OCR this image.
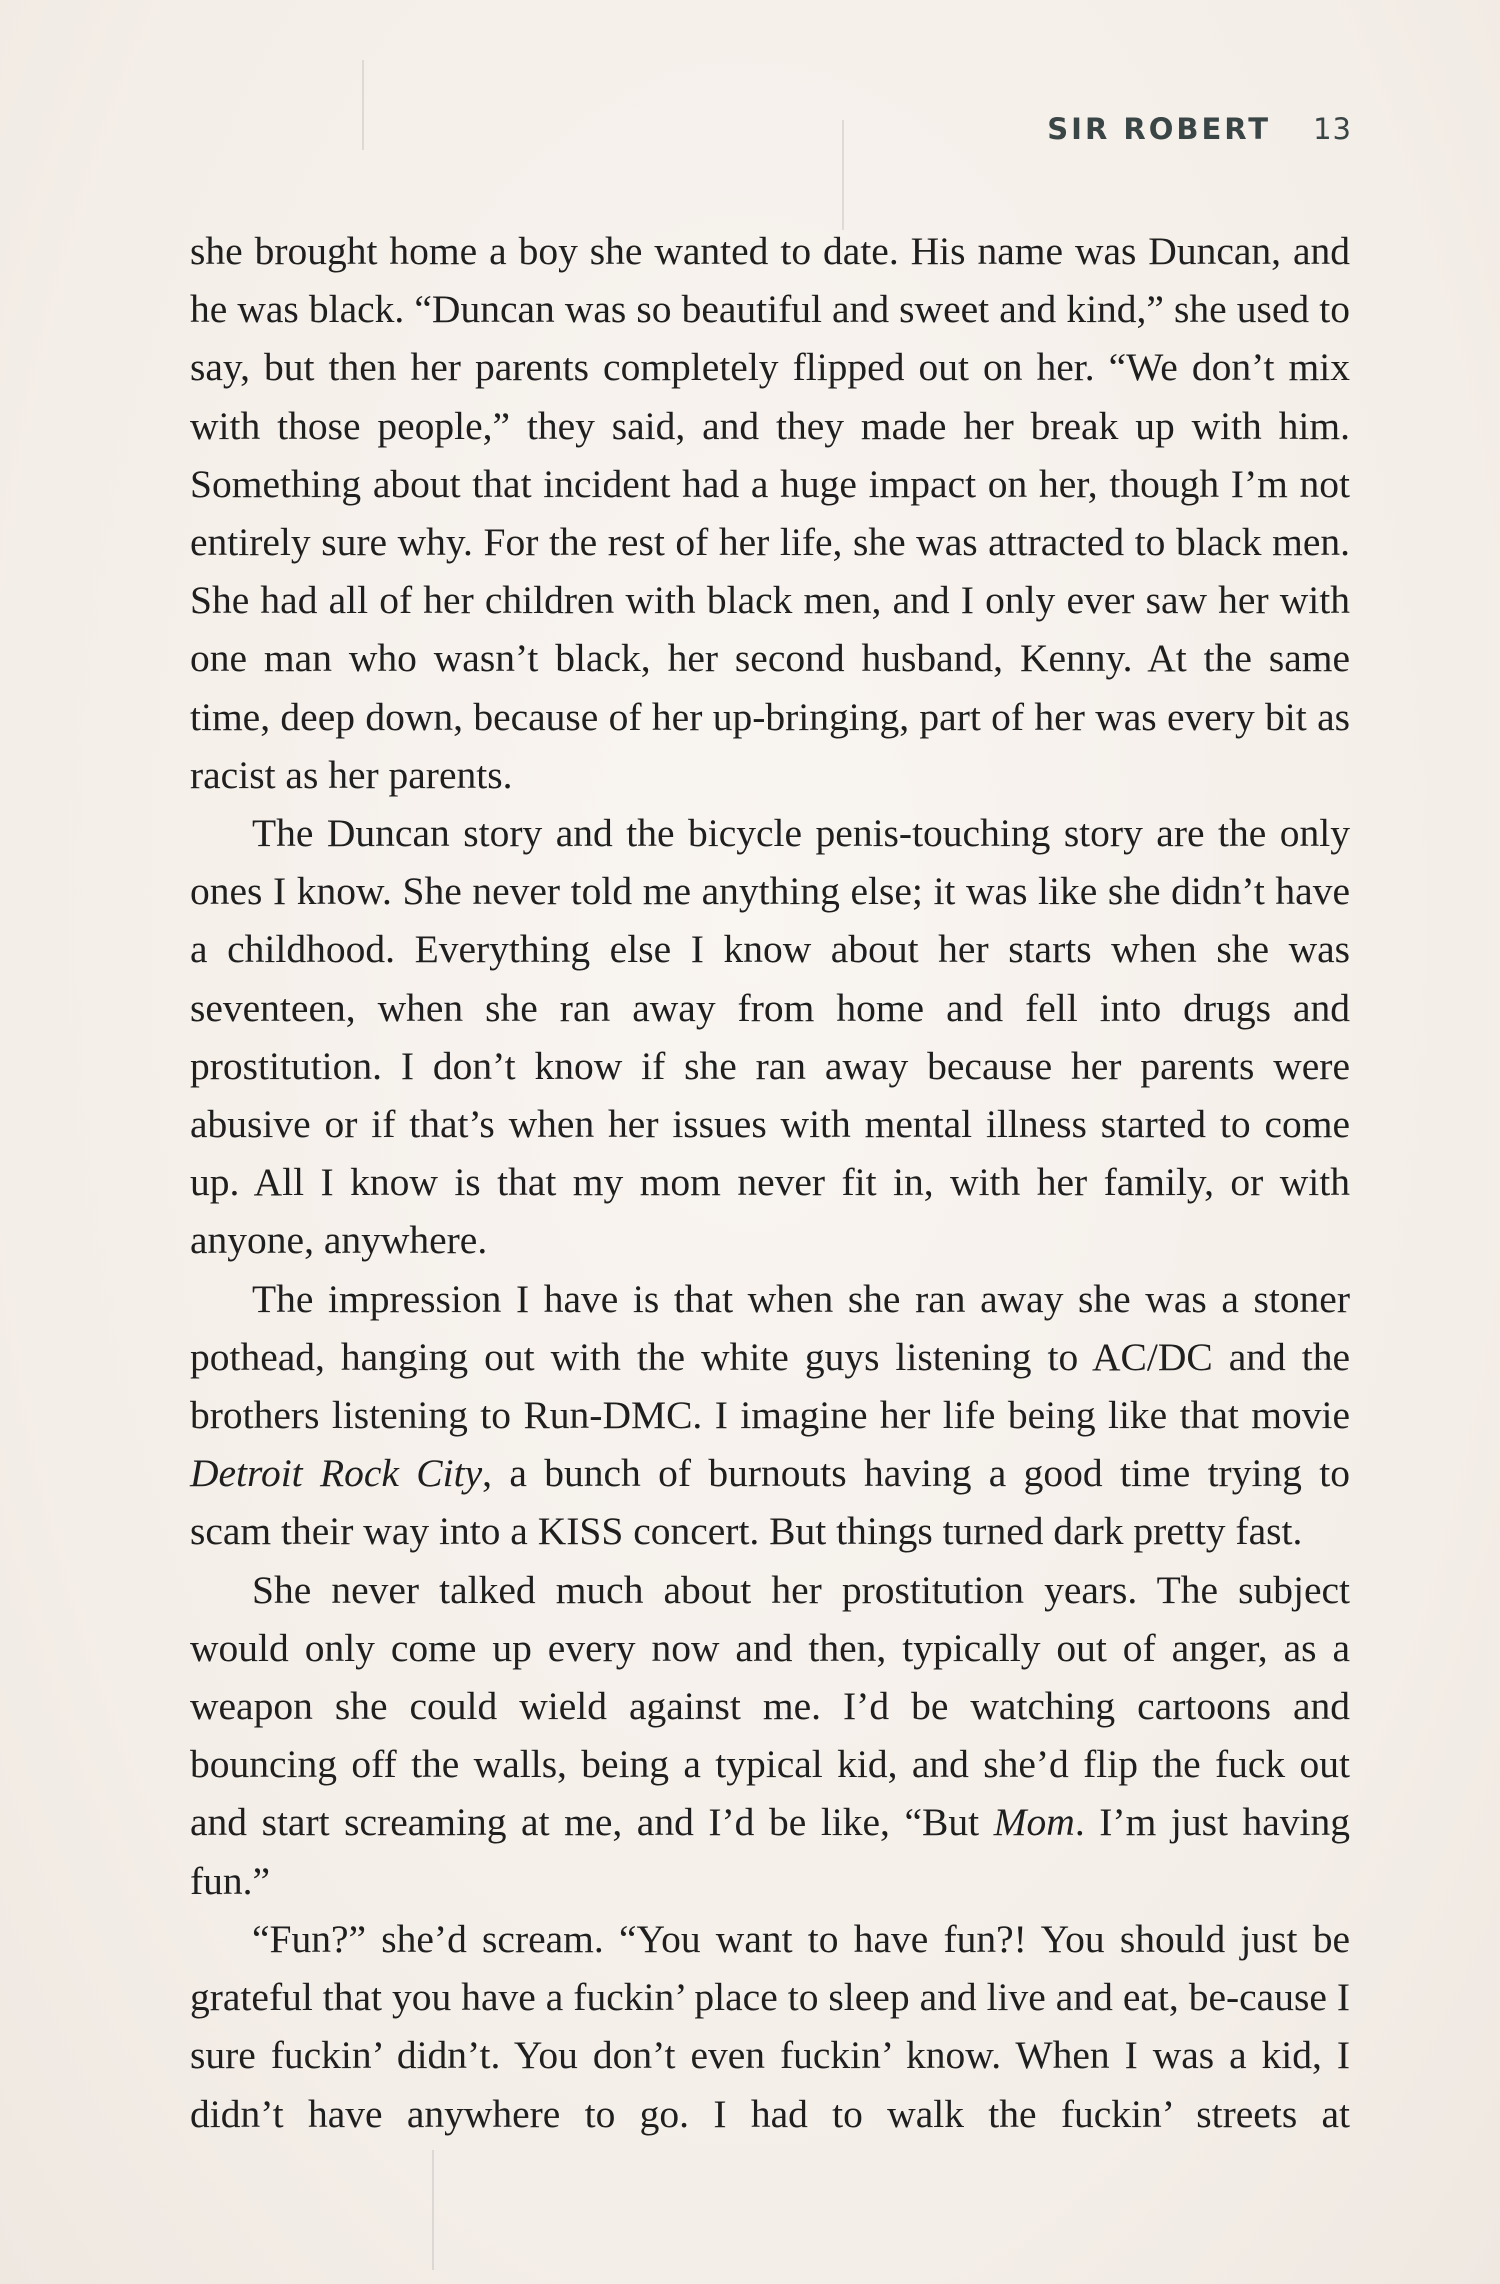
SIR ROBERT 13

she brought home a boy she wanted to date. His name was Duncan, and he was black. “Duncan was so beautiful and sweet and kind,” she used to say, but then her parents completely flipped out on her. “We don’t mix with those people,” they said, and they made her break up with him. Something about that incident had a huge impact on her, though I’m not entirely sure why. For the rest of her life, she was attracted to black men. She had all of her children with black men, and I only ever saw her with one man who wasn’t black, her second husband, Kenny. At the same time, deep down, because of her up-bringing, part of her was every bit as racist as her parents.

The Duncan story and the bicycle penis-touching story are the only ones I know. She never told me anything else; it was like she didn’t have a childhood. Everything else I know about her starts when she was seventeen, when she ran away from home and fell into drugs and prostitution. I don’t know if she ran away because her parents were abusive or if that’s when her issues with mental illness started to come up. All I know is that my mom never fit in, with her family, or with anyone, anywhere.

The impression I have is that when she ran away she was a stoner pothead, hanging out with the white guys listening to AC/DC and the brothers listening to Run-DMC. I imagine her life being like that movie Detroit Rock City, a bunch of burnouts having a good time trying to scam their way into a KISS concert. But things turned dark pretty fast.

She never talked much about her prostitution years. The subject would only come up every now and then, typically out of anger, as a weapon she could wield against me. I’d be watching cartoons and bouncing off the walls, being a typical kid, and she’d flip the fuck out and start screaming at me, and I’d be like, “But Mom. I’m just having fun.”

“Fun?” she’d scream. “You want to have fun?! You should just be grateful that you have a fuckin’ place to sleep and live and eat, be-cause I sure fuckin’ didn’t. You don’t even fuckin’ know. When I was a kid, I didn’t have anywhere to go. I had to walk the fuckin’ streets at
